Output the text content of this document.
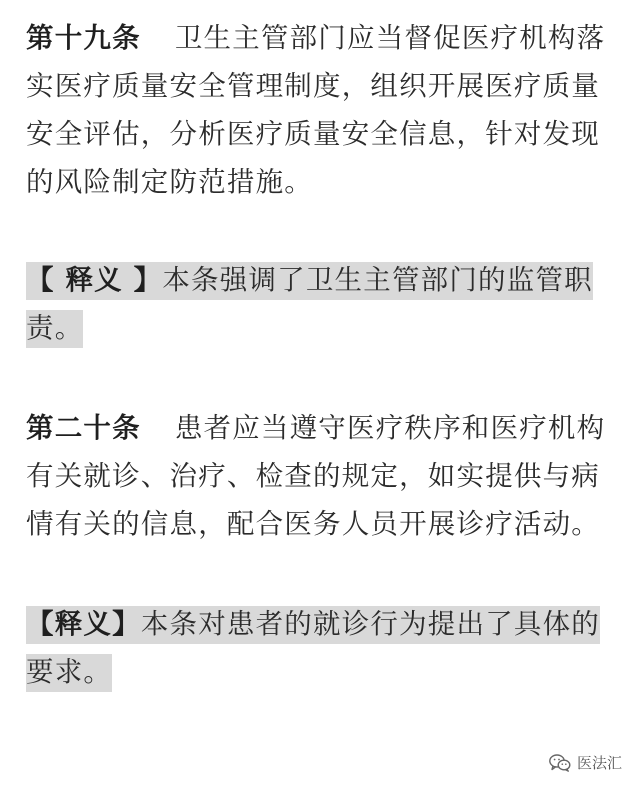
第十九条 卫生主管部门应当督促医疗机构落实医疗质量安全管理制度，组织开展医疗质量安全评估，分析医疗质量安全信息，针对发现的风险制定防范措施。

【 释义 】本条强调了卫生主管部门的监管职责。

第二十条 患者应当遵守医疗秩序和医疗机构有关就诊、治疗、检查的规定，如实提供与病情有关的信息，配合医务人员开展诊疗活动。

【释义】本条对患者的就诊行为提出了具体的要求。

医法汇
